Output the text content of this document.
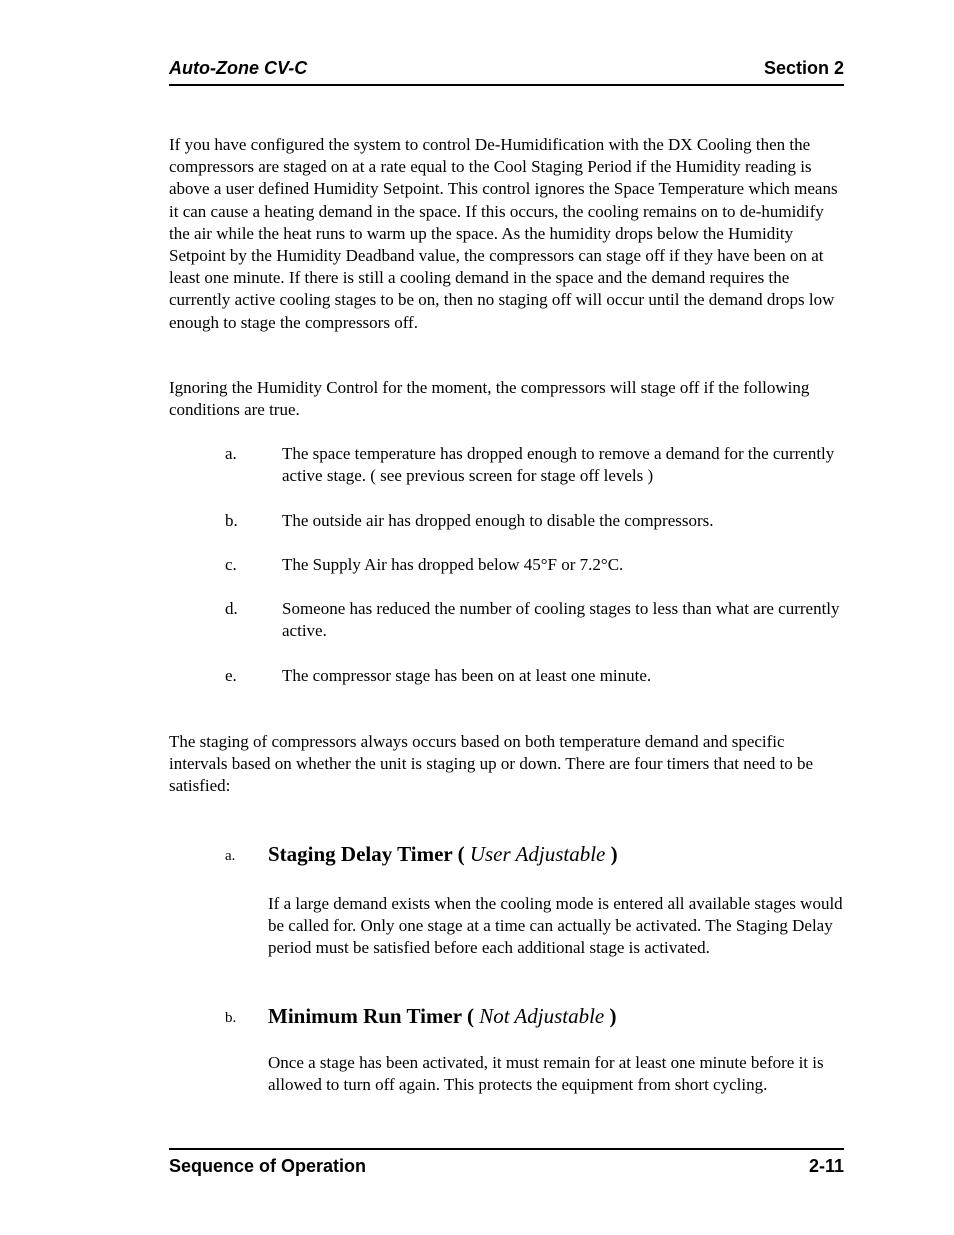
Auto-Zone CV-C	Section 2

If you have configured the system to control De-Humidification with the DX Cooling then the compressors are staged on at a rate equal to the Cool Staging Period if the Humidity reading is above a user defined Humidity Setpoint. This control ignores the Space Temperature which means it can cause a heating demand in the space. If this occurs, the cooling remains on to de-humidify the air while the heat runs to warm up the space. As the humidity drops below the Humidity Setpoint by the Humidity Deadband value, the compressors can stage off if they have been on at least one minute. If there is still a cooling demand in the space and the demand requires the currently active cooling stages to be on, then no staging off will occur until the demand drops low enough to stage the compressors off.

Ignoring the Humidity Control for the moment, the compressors will stage off if the following conditions are true.

a.	The space temperature has dropped enough to remove a demand for the currently active stage. ( see previous screen for stage off levels )
b.	The outside air has dropped enough to disable the compressors.
c.	The Supply Air has dropped below 45°F or 7.2°C.
d.	Someone has reduced the number of cooling stages to less than what are currently active.
e.	The compressor stage has been on at least one minute.

The staging of compressors always occurs based on both temperature demand and specific intervals based on whether the unit is staging up or down. There are four timers that need to be satisfied:

a. Staging Delay Timer ( User Adjustable )
If a large demand exists when the cooling mode is entered all available stages would be called for. Only one stage at a time can actually be activated. The Staging Delay period must be satisfied before each additional stage is activated.
b. Minimum Run Timer ( Not Adjustable )
Once a stage has been activated, it must remain for at least one minute before it is allowed to turn off again. This protects the equipment from short cycling.
Sequence of Operation	2-11
